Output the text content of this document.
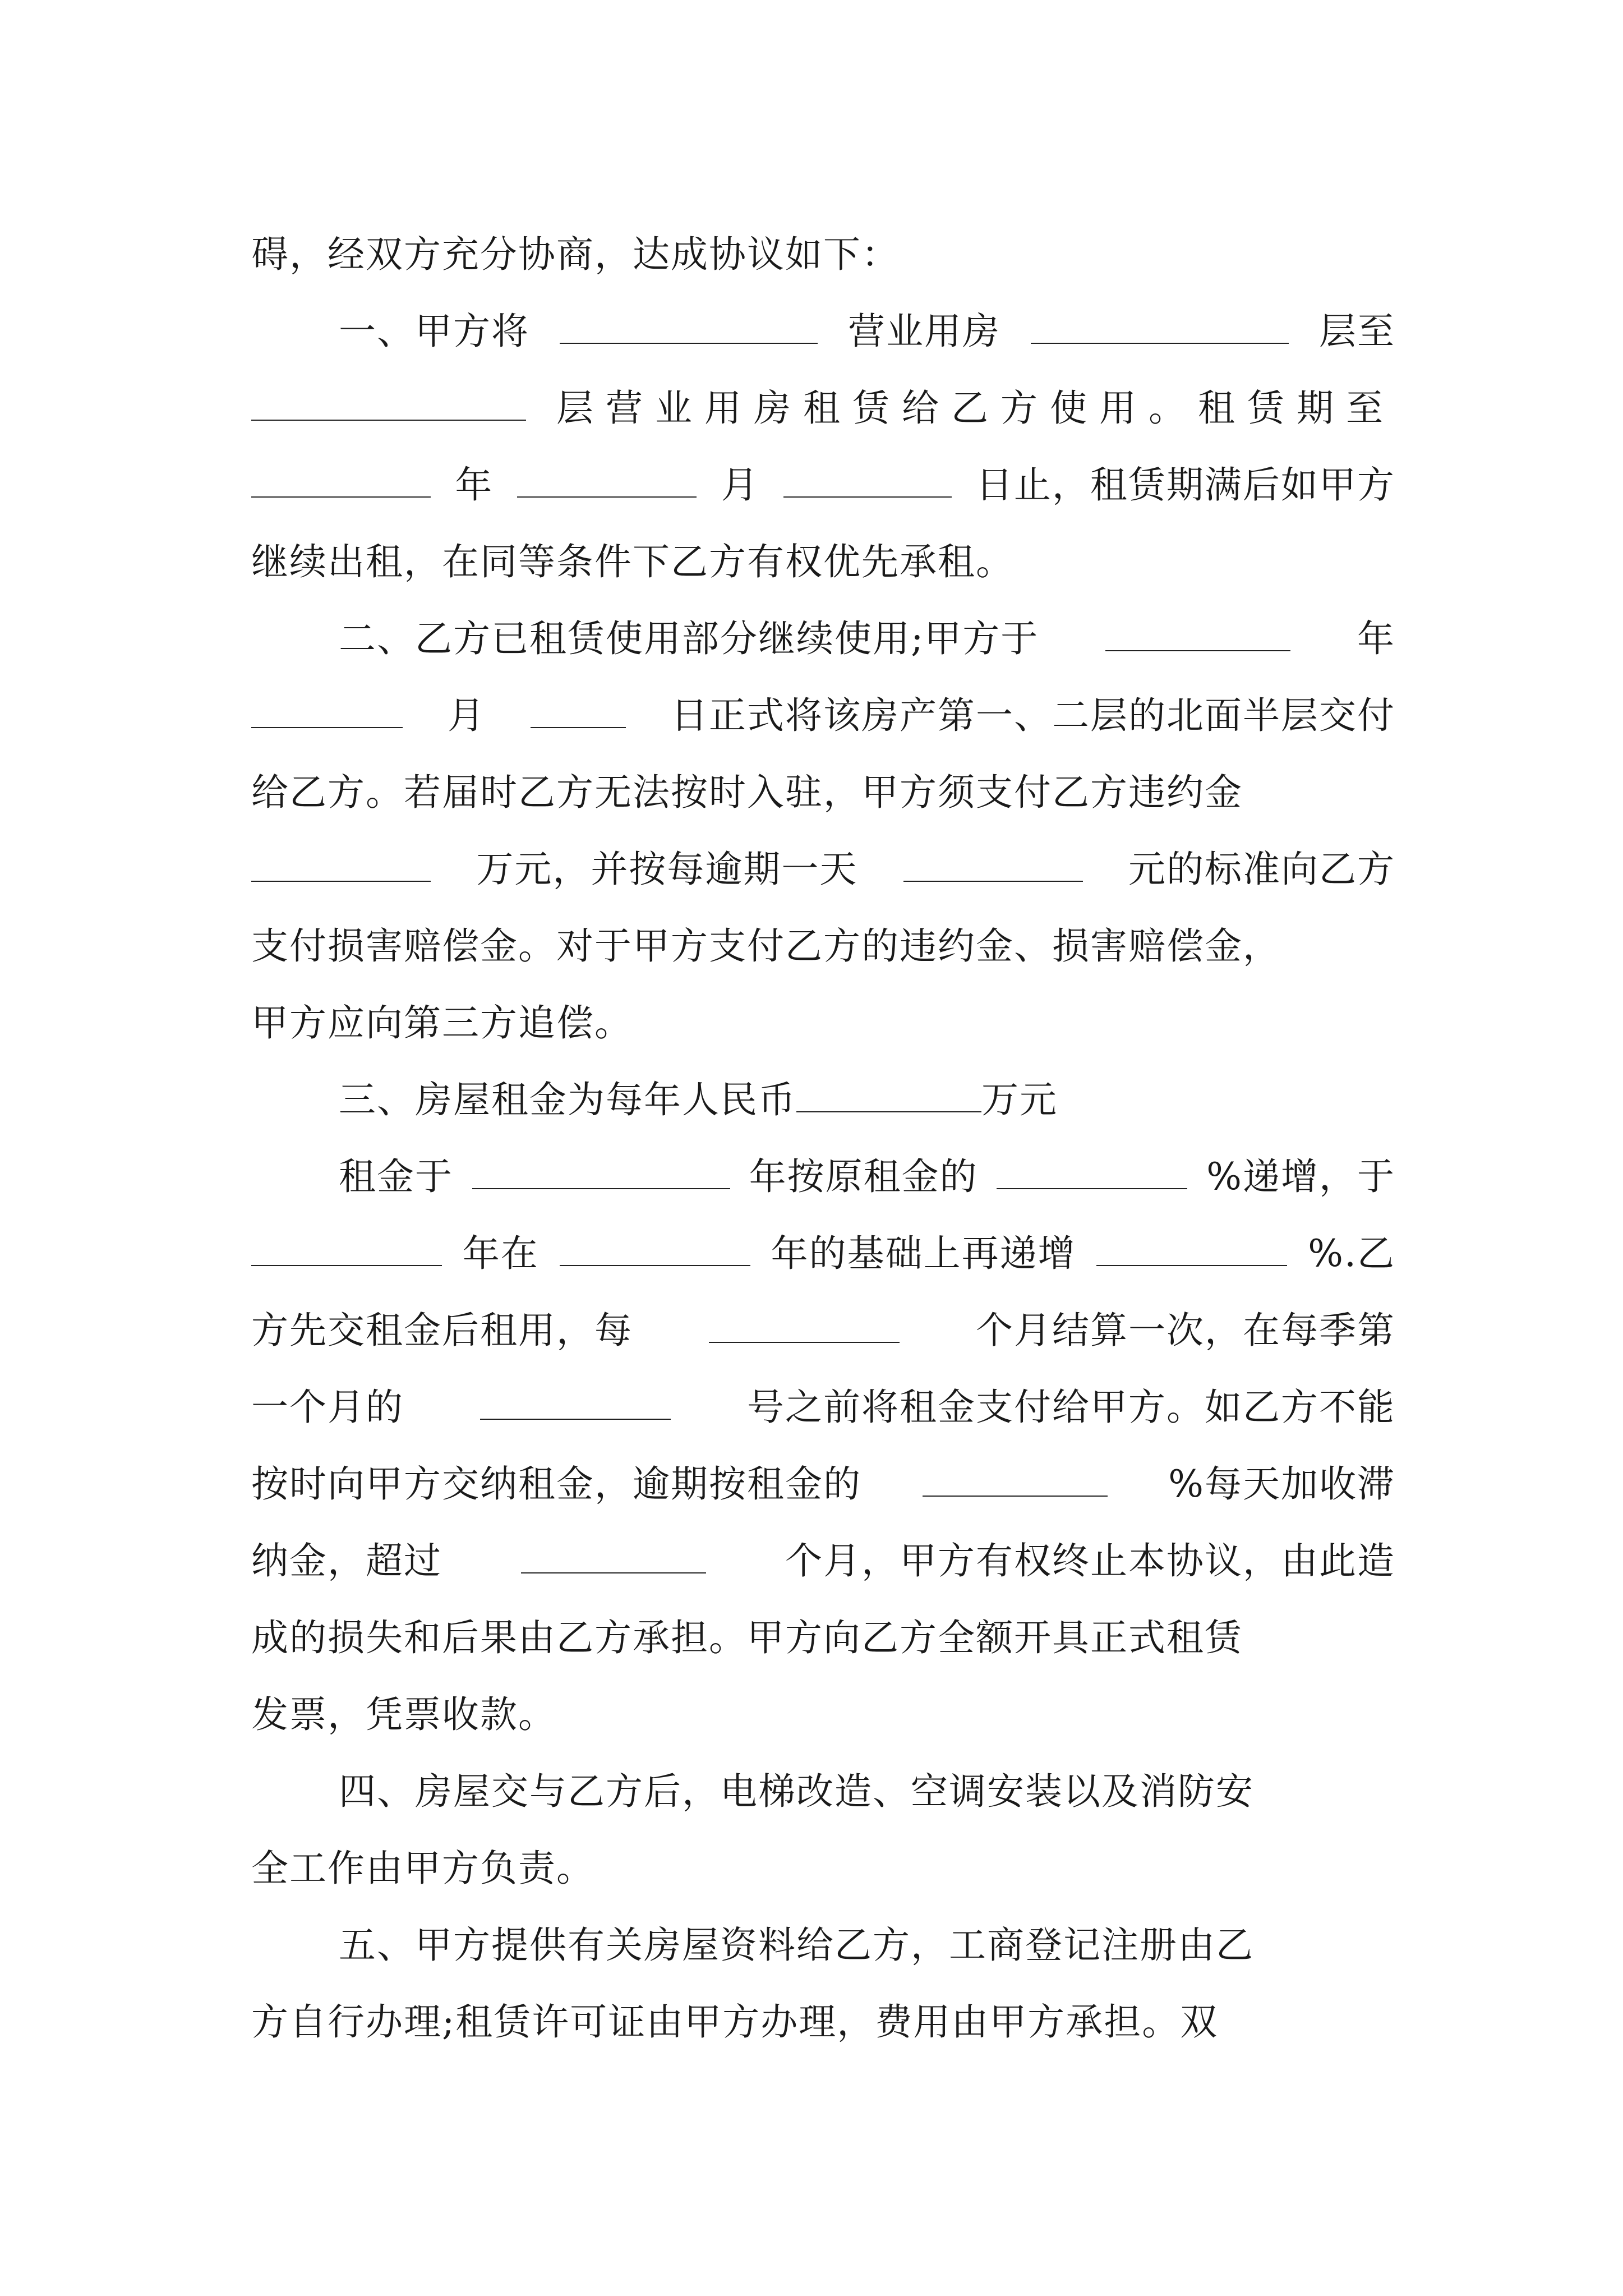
碍，经双方充分协商，达成协议如下：
一、甲方将	营业用房	层至
层营业用房租赁给乙方使用。租赁期至
年	月	日止，租赁期满后如甲方
继续出租，在同等条件下乙方有权优先承租。
二、乙方已租赁使用部分继续使用;甲方于	年
月	日正式将该房产第一、二层的北面半层交付
给乙方。若届时乙方无法按时入驻，甲方须支付乙方违约金
万元，并按每逾期一天	元的标准向乙方
支付损害赔偿金。对于甲方支付乙方的违约金、损害赔偿金，
甲方应向第三方追偿。
三、房屋租金为每年人民币	万元
租金于	年按原租金的	%递增，于
年在	年的基础上再递增	%.乙
方先交租金后租用，每	个月结算一次，在每季第
一个月的	号之前将租金支付给甲方。如乙方不能
按时向甲方交纳租金，逾期按租金的	%每天加收滞
纳金，超过	个月，甲方有权终止本协议，由此造
成的损失和后果由乙方承担。甲方向乙方全额开具正式租赁
发票，凭票收款。
四、房屋交与乙方后，电梯改造、空调安装以及消防安
全工作由甲方负责。
五、甲方提供有关房屋资料给乙方，工商登记注册由乙
方自行办理;租赁许可证由甲方办理，费用由甲方承担。双
